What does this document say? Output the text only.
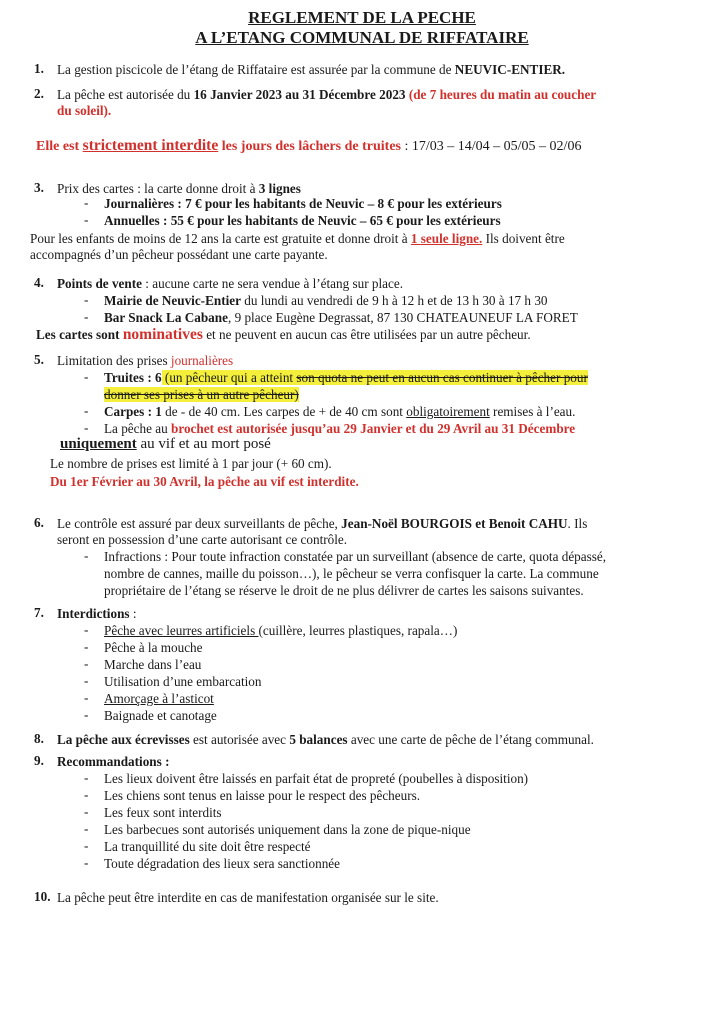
REGLEMENT DE LA PECHE
A L’ETANG COMMUNAL DE RIFFATAIRE
1. La gestion piscicole de l’étang de Riffataire est assurée par la commune de NEUVIC-ENTIER.
2. La pêche est autorisée du 16 Janvier 2023 au 31 Décembre 2023 (de 7 heures du matin au coucher
du soleil).
Elle est strictement interdite les jours des lâchers de truites : 17/03 – 14/04 – 05/05 – 02/06
3. Prix des cartes : la carte donne droit à 3 lignes
- Journalières : 7 € pour les habitants de Neuvic – 8 € pour les extérieurs
- Annuelles : 55 € pour les habitants de Neuvic – 65 € pour les extérieurs
Pour les enfants de moins de 12 ans la carte est gratuite et donne droit à 1 seule ligne. Ils doivent être
accompagnés d’un pêcheur possédant une carte payante.
4. Points de vente : aucune carte ne sera vendue à l’étang sur place.
- Mairie de Neuvic-Entier du lundi au vendredi de 9 h à 12 h et de 13 h 30 à 17 h 30
- Bar Snack La Cabane, 9 place Eugène Degrassat, 87 130 CHATEAUNEUF LA FORET
Les cartes sont nominatives et ne peuvent en aucun cas être utilisées par un autre pêcheur.
5. Limitation des prises journalières
- Truites : 6 (un pêcheur qui a atteint son quota ne peut en aucun cas continuer à pêcher pour
donner ses prises à un autre pêcheur)
- Carpes : 1 de - de 40 cm. Les carpes de + de 40 cm sont obligatoirement remises à l’eau.
- La pêche au brochet est autorisée jusqu’au 29 Janvier et du 29 Avril au 31 Décembre
uniquement au vif et au mort posé
Le nombre de prises est limité à 1 par jour (+ 60 cm).
Du 1er Février au 30 Avril, la pêche au vif est interdite.
6. Le contrôle est assuré par deux surveillants de pêche, Jean-Noël BOURGOIS et Benoit CAHU. Ils
seront en possession d’une carte autorisant ce contrôle.
- Infractions : Pour toute infraction constatée par un surveillant (absence de carte, quota dépassé,
nombre de cannes, maille du poisson…), le pêcheur se verra confisquer la carte. La commune
propriétaire de l’étang se réserve le droit de ne plus délivrer de cartes les saisons suivantes.
7. Interdictions :
- Pêche avec leurres artificiels (cuillère, leurres plastiques, rapala…)
- Pêche à la mouche
- Marche dans l’eau
- Utilisation d’une embarcation
- Amorçage à l’asticot
- Baignade et canotage
8. La pêche aux écrevisses est autorisée avec 5 balances avec une carte de pêche de l’étang communal.
9. Recommandations :
- Les lieux doivent être laissés en parfait état de propreté (poubelles à disposition)
- Les chiens sont tenus en laisse pour le respect des pêcheurs.
- Les feux sont interdits
- Les barbecues sont autorisés uniquement dans la zone de pique-nique
- La tranquillité du site doit être respecté
- Toute dégradation des lieux sera sanctionnée
10. La pêche peut être interdite en cas de manifestation organisée sur le site.
